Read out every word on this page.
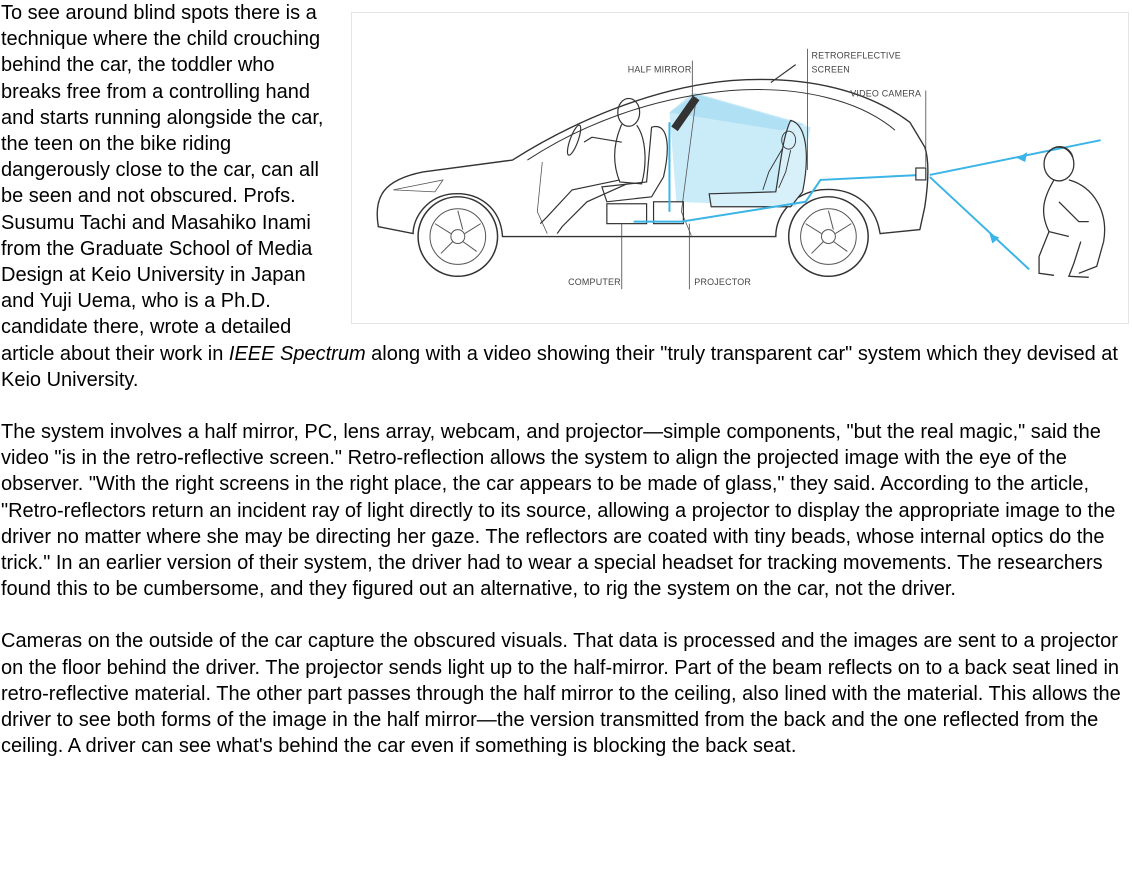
HALF MIRROR
RETROREFLECTIVE
SCREEN
VIDEO CAMERA
COMPUTER	PROJECTOR

To see around blind spots there is a technique where the child crouching behind the car, the toddler who breaks free from a controlling hand and starts running alongside the car, the teen on the bike riding dangerously close to the car, can all be seen and not obscured. Profs. Susumu Tachi and Masahiko Inami from the Graduate School of Media Design at Keio University in Japan and Yuji Uema, who is a Ph.D. candidate there, wrote a detailed article about their work in IEEE Spectrum along with a video showing their "truly transparent car" system which they devised at Keio University.

The system involves a half mirror, PC, lens array, webcam, and projector—simple components, "but the real magic," said the video "is in the retro-reflective screen." Retro-reflection allows the system to align the projected image with the eye of the observer. "With the right screens in the right place, the car appears to be made of glass," they said. According to the article, "Retro-reflectors return an incident ray of light directly to its source, allowing a projector to display the appropriate image to the driver no matter where she may be directing her gaze. The reflectors are coated with tiny beads, whose internal optics do the trick." In an earlier version of their system, the driver had to wear a special headset for tracking movements. The researchers found this to be cumbersome, and they figured out an alternative, to rig the system on the car, not the driver.

Cameras on the outside of the car capture the obscured visuals. That data is processed and the images are sent to a projector on the floor behind the driver. The projector sends light up to the half-mirror. Part of the beam reflects on to a back seat lined in retro-reflective material. The other part passes through the half mirror to the ceiling, also lined with the material. This allows the driver to see both forms of the image in the half mirror—the version transmitted from the back and the one reflected from the ceiling. A driver can see what's behind the car even if something is blocking the back seat.
